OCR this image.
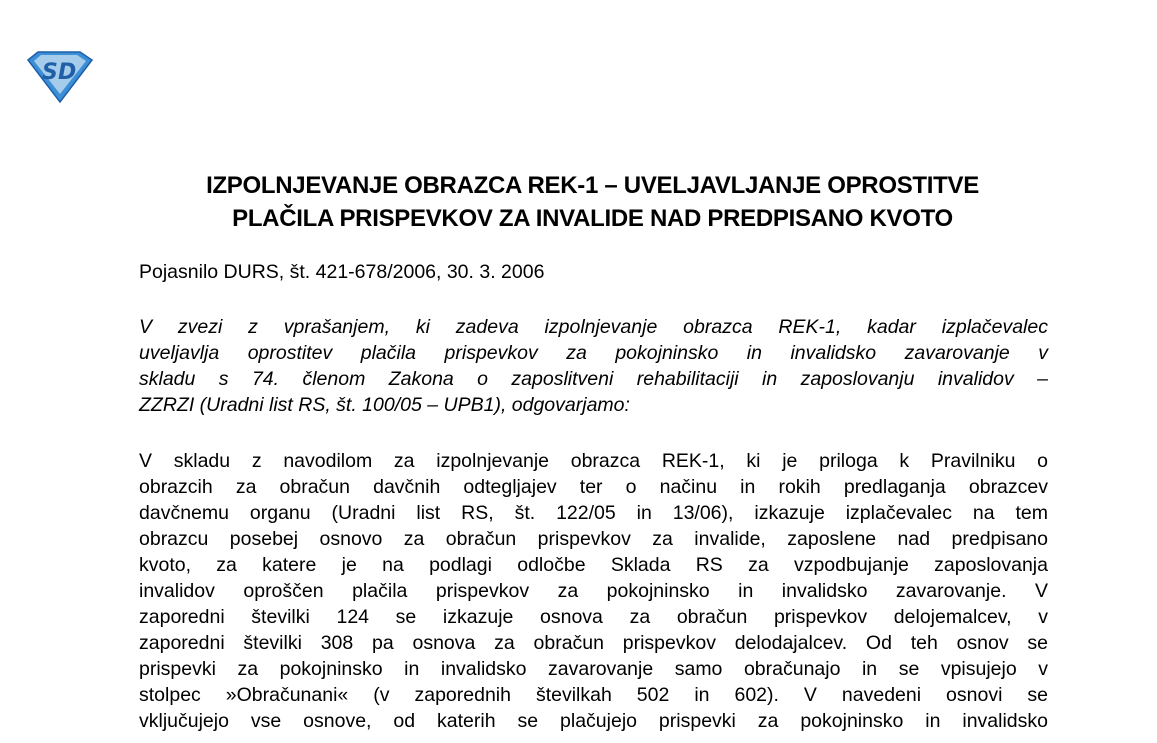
S D
IZPOLNJEVANJE OBRAZCA REK-1 – UVELJAVLJANJE OPROSTITVE
PLAČILA PRISPEVKOV ZA INVALIDE NAD PREDPISANO KVOTO
Pojasnilo DURS, št. 421-678/2006, 30. 3. 2006
V zvezi z vprašanjem, ki zadeva izpolnjevanje obrazca REK-1, kadar izplačevalec
uveljavlja oprostitev plačila prispevkov za pokojninsko in invalidsko zavarovanje v
skladu s 74. členom Zakona o zaposlitveni rehabilitaciji in zaposlovanju invalidov –
ZZRZI (Uradni list RS, št. 100/05 – UPB1), odgovarjamo:
V skladu z navodilom za izpolnjevanje obrazca REK-1, ki je priloga k Pravilniku o
obrazcih za obračun davčnih odtegljajev ter o načinu in rokih predlaganja obrazcev
davčnemu organu (Uradni list RS, št. 122/05 in 13/06), izkazuje izplačevalec na tem
obrazcu posebej osnovo za obračun prispevkov za invalide, zaposlene nad predpisano
kvoto, za katere je na podlagi odločbe Sklada RS za vzpodbujanje zaposlovanja
invalidov oproščen plačila prispevkov za pokojninsko in invalidsko zavarovanje. V
zaporedni številki 124 se izkazuje osnova za obračun prispevkov delojemalcev, v
zaporedni številki 308 pa osnova za obračun prispevkov delodajalcev. Od teh osnov se
prispevki za pokojninsko in invalidsko zavarovanje samo obračunajo in se vpisujejo v
stolpec »Obračunani« (v zaporednih številkah 502 in 602). V navedeni osnovi se
vključujejo vse osnove, od katerih se plačujejo prispevki za pokojninsko in invalidsko
